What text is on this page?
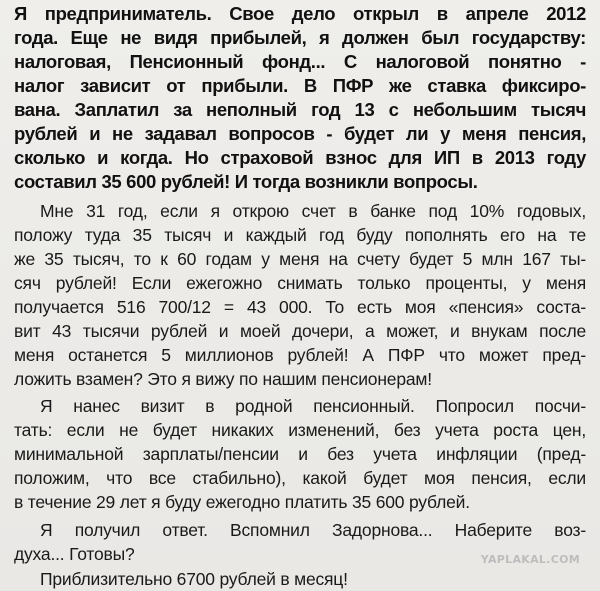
Я предприниматель. Свое дело открыл в апреле 2012
года. Еще не видя прибылей, я должен был государству:
налоговая, Пенсионный фонд... С налоговой понятно -
налог зависит от прибыли. В ПФР же ставка фиксиро-
вана. Заплатил за неполный год 13 с небольшим тысяч
рублей и не задавал вопросов - будет ли у меня пенсия,
сколько и когда. Но страховой взнос для ИП в 2013 году
составил 35 600 рублей! И тогда возникли вопросы.
Мне 31 год, если я открою счет в банке под 10% годовых,
положу туда 35 тысяч и каждый год буду пополнять его на те
же 35 тысяч, то к 60 годам у меня на счету будет 5 млн 167 ты-
сяч рублей! Если ежегожно снимать только проценты, у меня
получается 516 700/12 = 43 000. То есть моя «пенсия» соста-
вит 43 тысячи рублей и моей дочери, а может, и внукам после
меня останется 5 миллионов рублей! А ПФР что может пред-
ложить взамен? Это я вижу по нашим пенсионерам!
Я нанес визит в родной пенсионный. Попросил посчи-
тать: если не будет никаких изменений, без учета роста цен,
минимальной зарплаты/пенсии и без учета инфляции (пред-
положим, что все стабильно), какой будет моя пенсия, если
в течение 29 лет я буду ежегодно платить 35 600 рублей.
Я получил ответ. Вспомнил Задорнова... Наберите воз-
духа... Готовы?
Приблизительно 6700 рублей в месяц!
YAPLAKAL.COM
